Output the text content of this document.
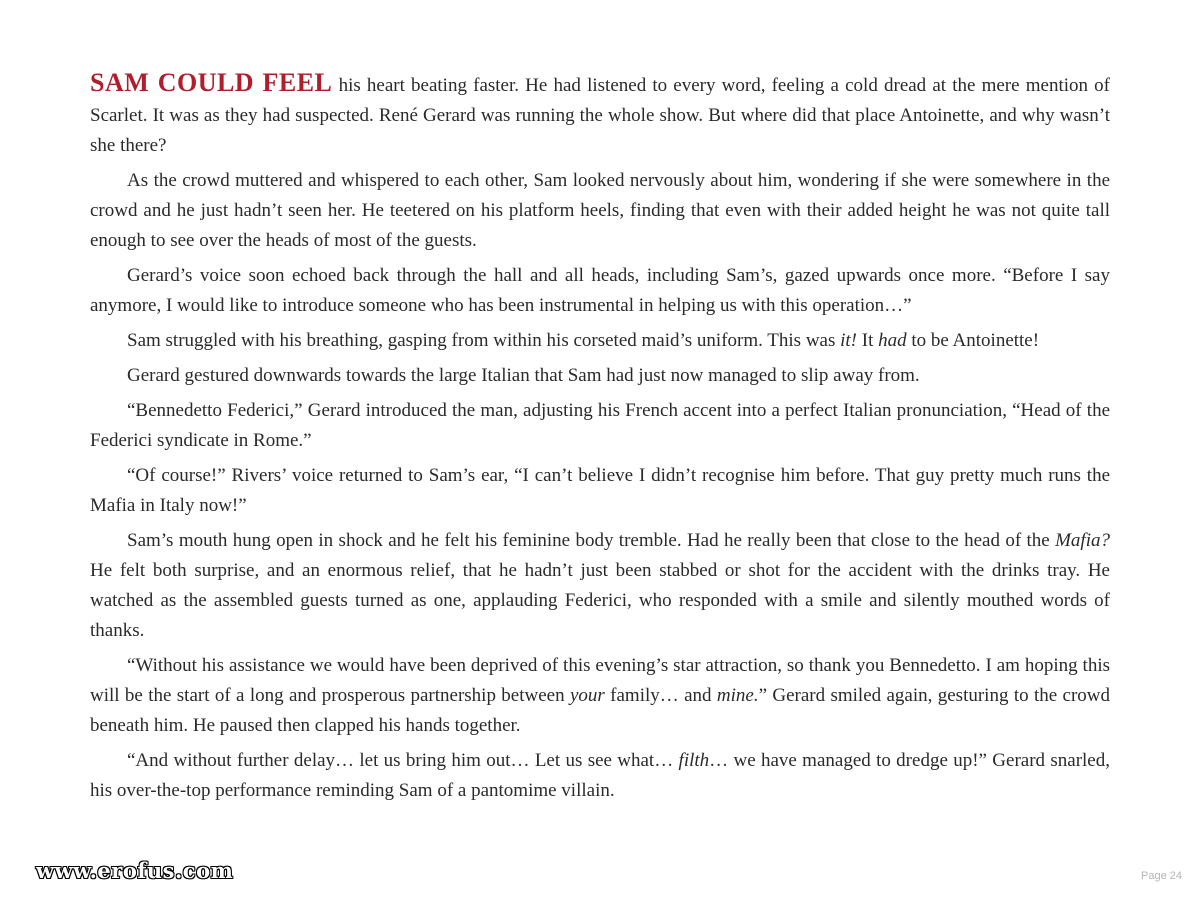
SAM COULD FEEL his heart beating faster. He had listened to every word, feeling a cold dread at the mere mention of Scarlet. It was as they had suspected. René Gerard was running the whole show. But where did that place Antoinette, and why wasn’t she there?

As the crowd muttered and whispered to each other, Sam looked nervously about him, wondering if she were somewhere in the crowd and he just hadn’t seen her. He teetered on his platform heels, finding that even with their added height he was not quite tall enough to see over the heads of most of the guests.

Gerard’s voice soon echoed back through the hall and all heads, including Sam’s, gazed upwards once more. “Before I say anymore, I would like to introduce someone who has been instrumental in helping us with this operation…”

Sam struggled with his breathing, gasping from within his corseted maid’s uniform. This was it! It had to be Antoinette!

Gerard gestured downwards towards the large Italian that Sam had just now managed to slip away from.

“Bennedetto Federici,” Gerard introduced the man, adjusting his French accent into a perfect Italian pronunciation, “Head of the Federici syndicate in Rome.”

“Of course!” Rivers’ voice returned to Sam’s ear, “I can’t believe I didn’t recognise him before. That guy pretty much runs the Mafia in Italy now!”

Sam’s mouth hung open in shock and he felt his feminine body tremble. Had he really been that close to the head of the Mafia? He felt both surprise, and an enormous relief, that he hadn’t just been stabbed or shot for the accident with the drinks tray. He watched as the assembled guests turned as one, applauding Federici, who responded with a smile and silently mouthed words of thanks.

“Without his assistance we would have been deprived of this evening’s star attraction, so thank you Bennedetto. I am hoping this will be the start of a long and prosperous partnership between your family… and mine.” Gerard smiled again, gesturing to the crowd beneath him. He paused then clapped his hands together.

“And without further delay… let us bring him out… Let us see what… filth… we have managed to dredge up!” Gerard snarled, his over-the-top performance reminding Sam of a pantomime villain.

www.erofus.com	Page 24
